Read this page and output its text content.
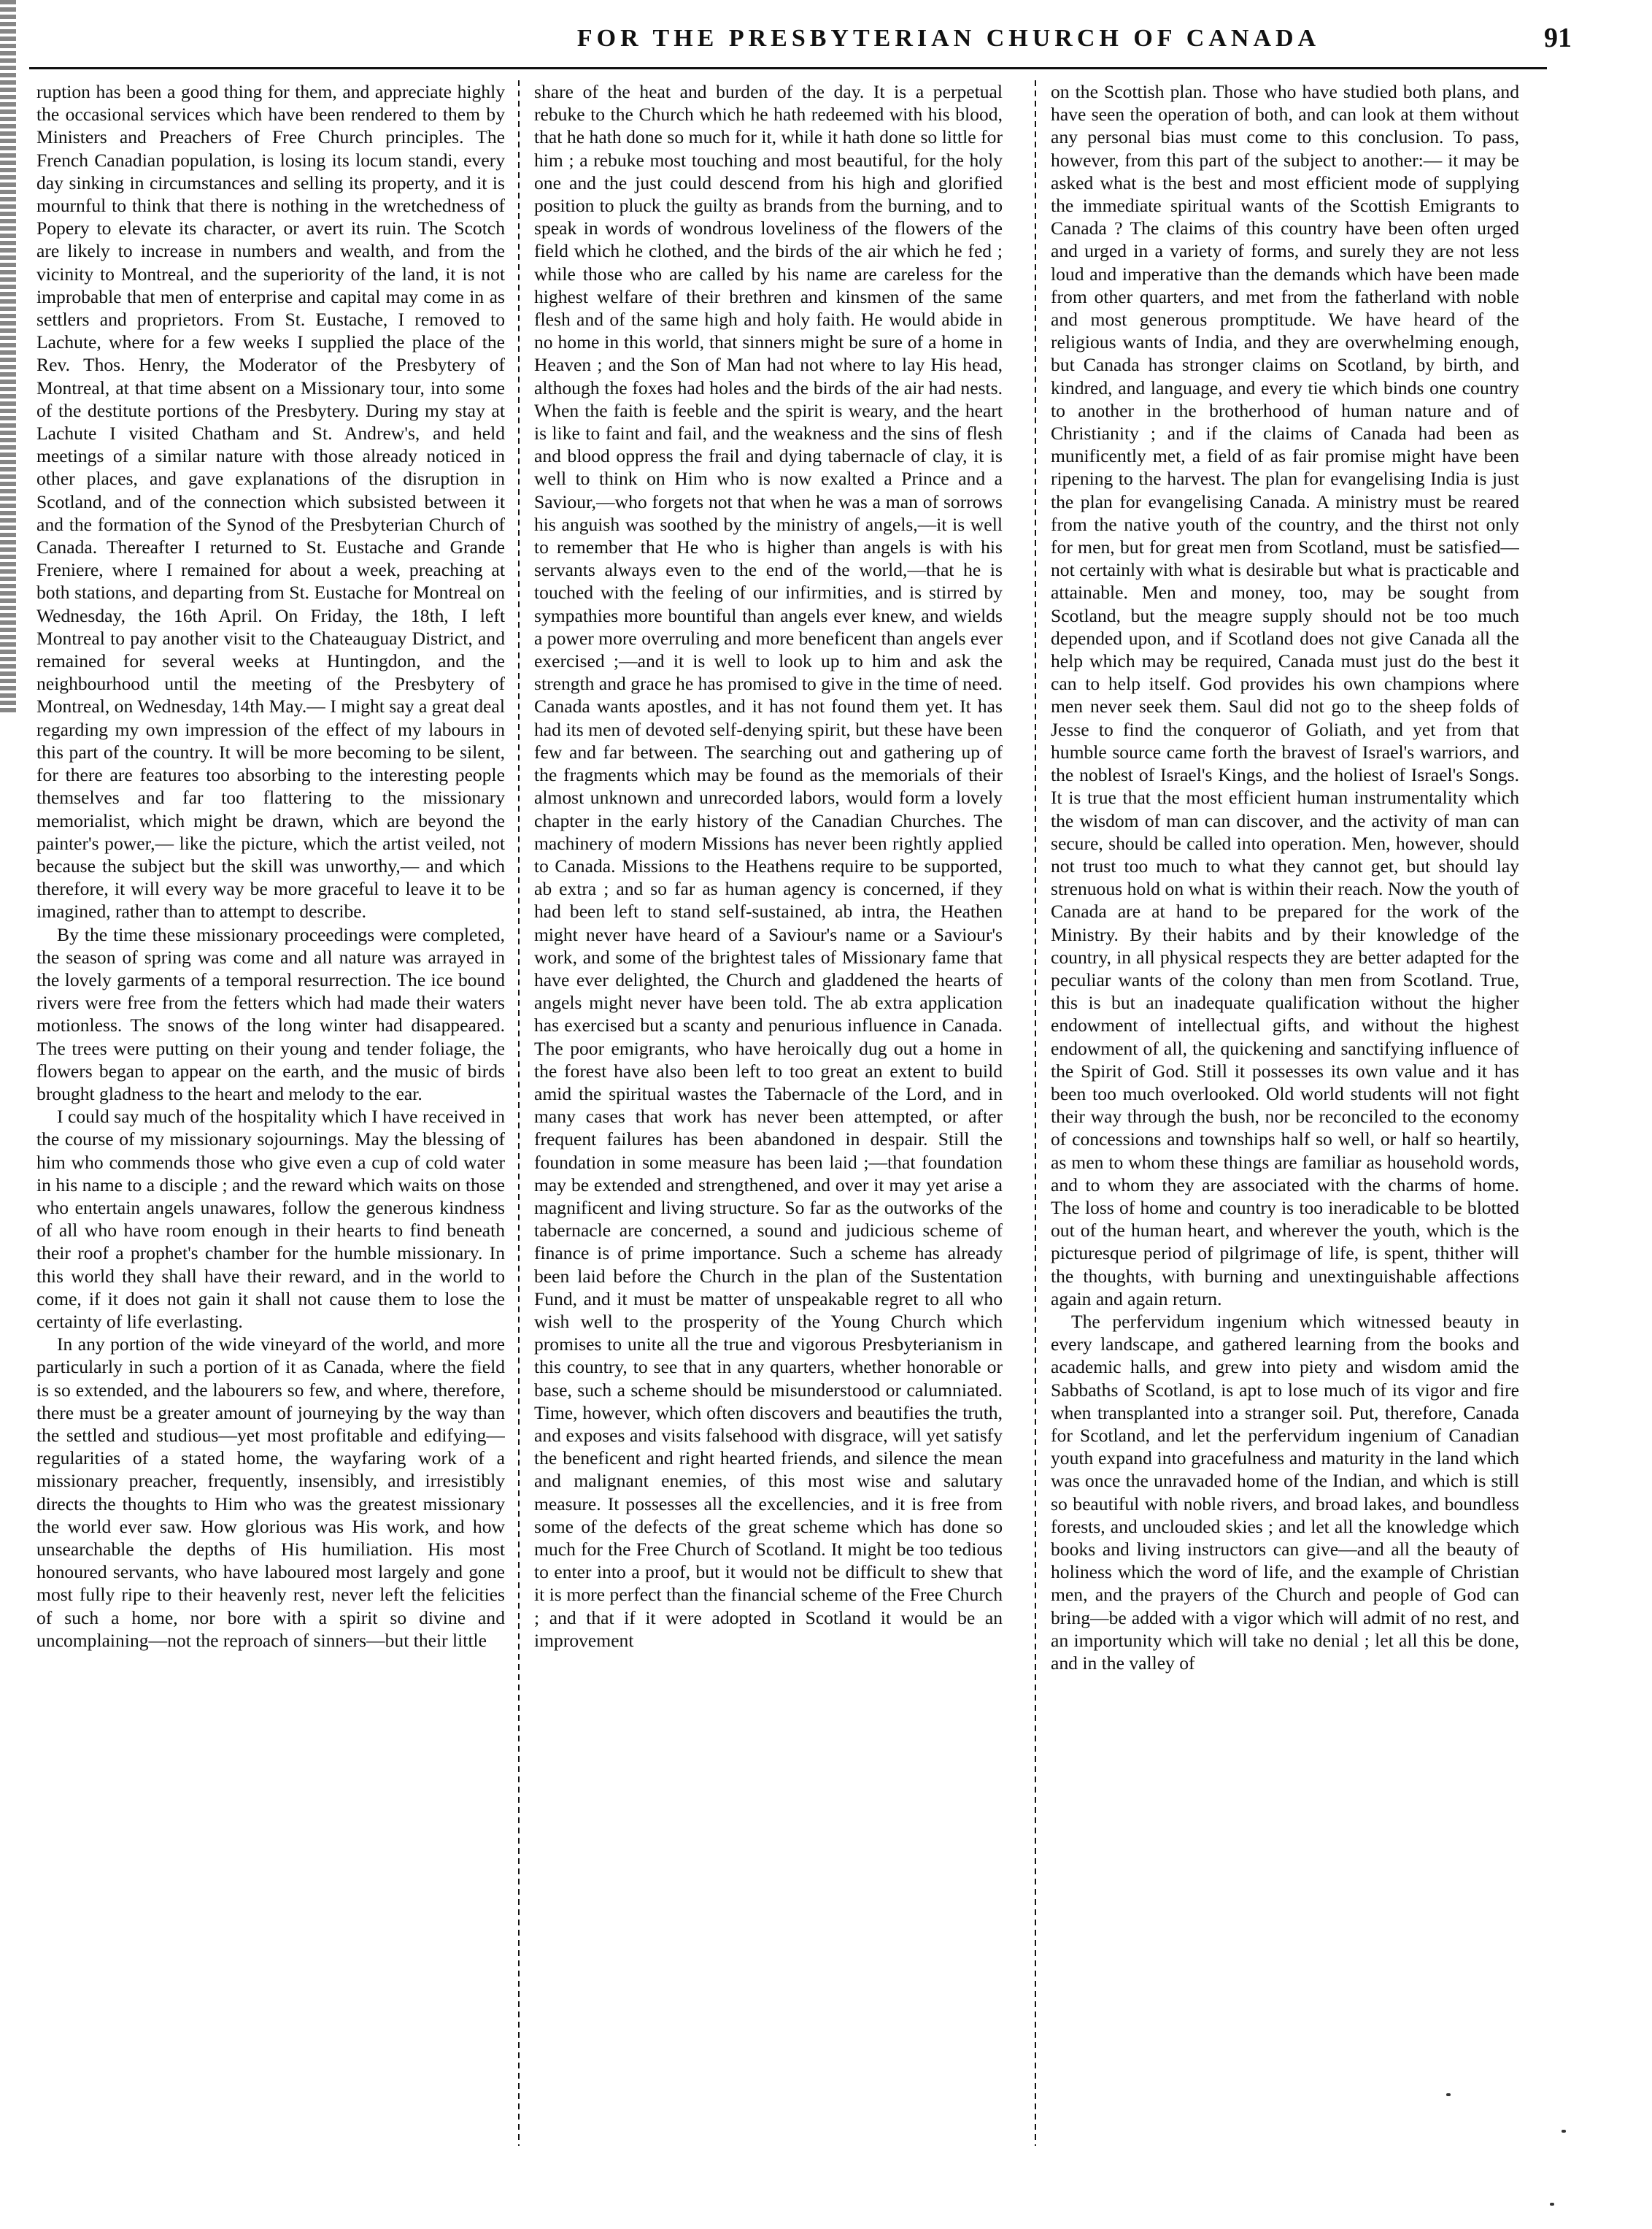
FOR THE PRESBYTERIAN CHURCH OF CANADA	91

ruption has been a good thing for them, and appreciate highly the occasional services which have been rendered to them by Ministers and Preachers of Free Church principles. The French Canadian population, is losing its locum standi, every day sinking in circumstances and selling its property, and it is mournful to think that there is nothing in the wretchedness of Popery to elevate its character, or avert its ruin. The Scotch are likely to increase in numbers and wealth, and from the vicinity to Montreal, and the superiority of the land, it is not improbable that men of enterprise and capital may come in as settlers and proprietors. From St. Eustache, I removed to Lachute, where for a few weeks I supplied the place of the Rev. Thos. Henry, the Moderator of the Presbytery of Montreal, at that time absent on a Missionary tour, into some of the destitute portions of the Presbytery. During my stay at Lachute I visited Chatham and St. Andrew's, and held meetings of a similar nature with those already noticed in other places, and gave explanations of the disruption in Scotland, and of the connection which subsisted between it and the formation of the Synod of the Presbyterian Church of Canada. Thereafter I returned to St. Eustache and Grande Freniere, where I remained for about a week, preaching at both stations, and departing from St. Eustache for Montreal on Wednesday, the 16th April. On Friday, the 18th, I left Montreal to pay another visit to the Chateauguay District, and remained for several weeks at Huntingdon, and the neighbourhood until the meeting of the Presbytery of Montreal, on Wednesday, 14th May.— I might say a great deal regarding my own impression of the effect of my labours in this part of the country. It will be more becoming to be silent, for there are features too absorbing to the interesting people themselves and far too flattering to the missionary memorialist, which might be drawn, which are beyond the painter's power,— like the picture, which the artist veiled, not because the subject but the skill was unworthy,— and which therefore, it will every way be more graceful to leave it to be imagined, rather than to attempt to describe.

By the time these missionary proceedings were completed, the season of spring was come and all nature was arrayed in the lovely garments of a temporal resurrection. The ice bound rivers were free from the fetters which had made their waters motionless. The snows of the long winter had disappeared. The trees were putting on their young and tender foliage, the flowers began to appear on the earth, and the music of birds brought gladness to the heart and melody to the ear.

I could say much of the hospitality which I have received in the course of my missionary sojournings. May the blessing of him who commends those who give even a cup of cold water in his name to a disciple ; and the reward which waits on those who entertain angels unawares, follow the generous kindness of all who have room enough in their hearts to find beneath their roof a prophet's chamber for the humble missionary. In this world they shall have their reward, and in the world to come, if it does not gain it shall not cause them to lose the certainty of life everlasting.

In any portion of the wide vineyard of the world, and more particularly in such a portion of it as Canada, where the field is so extended, and the labourers so few, and where, therefore, there must be a greater amount of journeying by the way than the settled and studious—yet most profitable and edifying—regularities of a stated home, the wayfaring work of a missionary preacher, frequently, insensibly, and irresistibly directs the thoughts to Him who was the greatest missionary the world ever saw. How glorious was His work, and how unsearchable the depths of His humiliation. His most honoured servants, who have laboured most largely and gone most fully ripe to their heavenly rest, never left the felicities of such a home, nor bore with a spirit so divine and uncomplaining—not the reproach of sinners—but their little

share of the heat and burden of the day. It is a perpetual rebuke to the Church which he hath redeemed with his blood, that he hath done so much for it, while it hath done so little for him ; a rebuke most touching and most beautiful, for the holy one and the just could descend from his high and glorified position to pluck the guilty as brands from the burning, and to speak in words of wondrous loveliness of the flowers of the field which he clothed, and the birds of the air which he fed ; while those who are called by his name are careless for the highest welfare of their brethren and kinsmen of the same flesh and of the same high and holy faith. He would abide in no home in this world, that sinners might be sure of a home in Heaven ; and the Son of Man had not where to lay His head, although the foxes had holes and the birds of the air had nests. When the faith is feeble and the spirit is weary, and the heart is like to faint and fail, and the weakness and the sins of flesh and blood oppress the frail and dying tabernacle of clay, it is well to think on Him who is now exalted a Prince and a Saviour,—who forgets not that when he was a man of sorrows his anguish was soothed by the ministry of angels,—it is well to remember that He who is higher than angels is with his servants always even to the end of the world,—that he is touched with the feeling of our infirmities, and is stirred by sympathies more bountiful than angels ever knew, and wields a power more overruling and more beneficent than angels ever exercised ;—and it is well to look up to him and ask the strength and grace he has promised to give in the time of need. Canada wants apostles, and it has not found them yet. It has had its men of devoted self-denying spirit, but these have been few and far between. The searching out and gathering up of the fragments which may be found as the memorials of their almost unknown and unrecorded labors, would form a lovely chapter in the early history of the Canadian Churches. The machinery of modern Missions has never been rightly applied to Canada. Missions to the Heathens require to be supported, ab extra ; and so far as human agency is concerned, if they had been left to stand self-sustained, ab intra, the Heathen might never have heard of a Saviour's name or a Saviour's work, and some of the brightest tales of Missionary fame that have ever delighted, the Church and gladdened the hearts of angels might never have been told. The ab extra application has exercised but a scanty and penurious influence in Canada. The poor emigrants, who have heroically dug out a home in the forest have also been left to too great an extent to build amid the spiritual wastes the Tabernacle of the Lord, and in many cases that work has never been attempted, or after frequent failures has been abandoned in despair. Still the foundation in some measure has been laid ;—that foundation may be extended and strengthened, and over it may yet arise a magnificent and living structure. So far as the outworks of the tabernacle are concerned, a sound and judicious scheme of finance is of prime importance. Such a scheme has already been laid before the Church in the plan of the Sustentation Fund, and it must be matter of unspeakable regret to all who wish well to the prosperity of the Young Church which promises to unite all the true and vigorous Presbyterianism in this country, to see that in any quarters, whether honorable or base, such a scheme should be misunderstood or calumniated. Time, however, which often discovers and beautifies the truth, and exposes and visits falsehood with disgrace, will yet satisfy the beneficent and right hearted friends, and silence the mean and malignant enemies, of this most wise and salutary measure. It possesses all the excellencies, and it is free from some of the defects of the great scheme which has done so much for the Free Church of Scotland. It might be too tedious to enter into a proof, but it would not be difficult to shew that it is more perfect than the financial scheme of the Free Church ; and that if it were adopted in Scotland it would be an improvement

on the Scottish plan. Those who have studied both plans, and have seen the operation of both, and can look at them without any personal bias must come to this conclusion. To pass, however, from this part of the subject to another:— it may be asked what is the best and most efficient mode of supplying the immediate spiritual wants of the Scottish Emigrants to Canada ? The claims of this country have been often urged and urged in a variety of forms, and surely they are not less loud and imperative than the demands which have been made from other quarters, and met from the fatherland with noble and most generous promptitude. We have heard of the religious wants of India, and they are overwhelming enough, but Canada has stronger claims on Scotland, by birth, and kindred, and language, and every tie which binds one country to another in the brotherhood of human nature and of Christianity ; and if the claims of Canada had been as munificently met, a field of as fair promise might have been ripening to the harvest. The plan for evangelising India is just the plan for evangelising Canada. A ministry must be reared from the native youth of the country, and the thirst not only for men, but for great men from Scotland, must be satisfied—not certainly with what is desirable but what is practicable and attainable. Men and money, too, may be sought from Scotland, but the meagre supply should not be too much depended upon, and if Scotland does not give Canada all the help which may be required, Canada must just do the best it can to help itself. God provides his own champions where men never seek them. Saul did not go to the sheep folds of Jesse to find the conqueror of Goliath, and yet from that humble source came forth the bravest of Israel's warriors, and the noblest of Israel's Kings, and the holiest of Israel's Songs. It is true that the most efficient human instrumentality which the wisdom of man can discover, and the activity of man can secure, should be called into operation. Men, however, should not trust too much to what they cannot get, but should lay strenuous hold on what is within their reach. Now the youth of Canada are at hand to be prepared for the work of the Ministry. By their habits and by their knowledge of the country, in all physical respects they are better adapted for the peculiar wants of the colony than men from Scotland. True, this is but an inadequate qualification without the higher endowment of intellectual gifts, and without the highest endowment of all, the quickening and sanctifying influence of the Spirit of God. Still it possesses its own value and it has been too much overlooked. Old world students will not fight their way through the bush, nor be reconciled to the economy of concessions and townships half so well, or half so heartily, as men to whom these things are familiar as household words, and to whom they are associated with the charms of home. The loss of home and country is too ineradicable to be blotted out of the human heart, and wherever the youth, which is the picturesque period of pilgrimage of life, is spent, thither will the thoughts, with burning and unextinguishable affections again and again return.

The perfervidum ingenium which witnessed beauty in every landscape, and gathered learning from the books and academic halls, and grew into piety and wisdom amid the Sabbaths of Scotland, is apt to lose much of its vigor and fire when transplanted into a stranger soil. Put, therefore, Canada for Scotland, and let the perfervidum ingenium of Canadian youth expand into gracefulness and maturity in the land which was once the unravaded home of the Indian, and which is still so beautiful with noble rivers, and broad lakes, and boundless forests, and unclouded skies ; and let all the knowledge which books and living instructors can give—and all the beauty of holiness which the word of life, and the example of Christian men, and the prayers of the Church and people of God can bring—be added with a vigor which will admit of no rest, and an importunity which will take no denial ; let all this be done, and in the valley of
